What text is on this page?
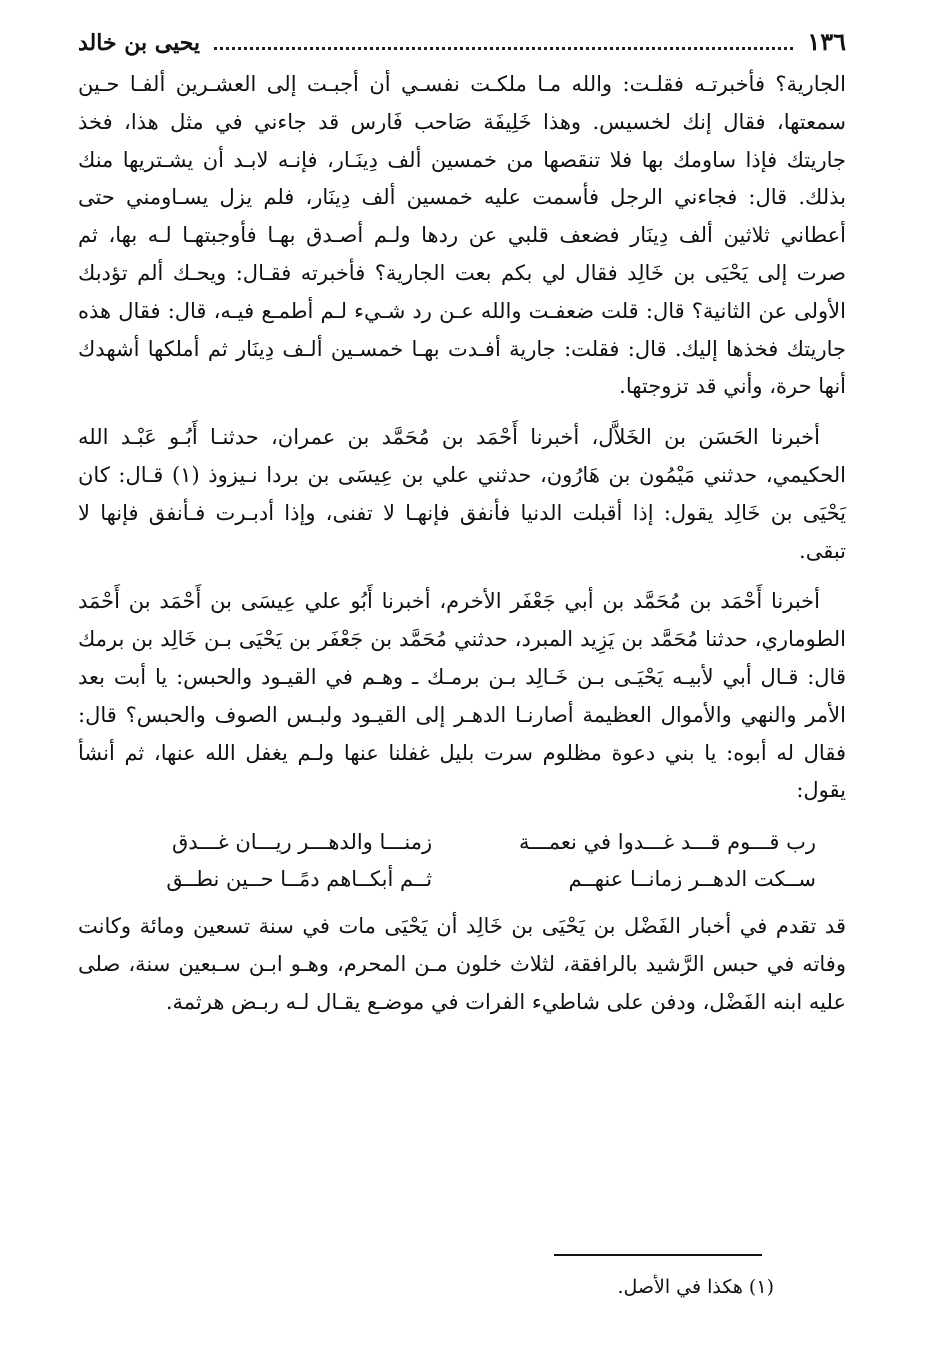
١٣٦
يحيى بن خالد

الجارية؟ فأخبرتـه فقلـت: والله مـا ملكـت نفسـي أن أجبـت إلى العشـرين ألفـا حـين سمعتها، فقال إنك لخسيس. وهذا خَلِيفَة صَاحب فَارس قد جاءني في مثل هذا، فخذ جاريتك فإذا ساومك بها فلا تنقصها من خمسين ألف دِينَـار، فإنـه لابـد أن يشـتريها منك بذلك. قال: فجاءني الرجل فأسمت عليه خمسين ألف دِينَار، فلم يزل يسـاومني حتى أعطاني ثلاثين ألف دِينَار فضعف قلبي عن ردها ولـم أصـدق بهـا فأوجبتهـا لـه بها، ثم صرت إلى يَحْيَى بن خَالِد فقال لي بكم بعت الجارية؟ فأخبرته فقـال: ويحـك ألم تؤدبك الأولى عن الثانية؟ قال: قلت ضعفـت والله عـن رد شـيء لـم أطمـع فيـه، قال: فقال هذه جاريتك فخذها إليك. قال: فقلت: جارية أفـدت بهـا خمسـين ألـف دِينَار ثم أملكها أشهدك أنها حرة، وأني قد تزوجتها.

أخبرنا الحَسَن بن الخَلاَّل، أخبرنا أَحْمَد بن مُحَمَّد بن عمران، حدثنـا أَبُـو عَبْـد الله الحكيمي، حدثني مَيْمُون بن هَارُون، حدثني علي بن عِيسَى بن بردا نـيزوذ (١) قـال: كان يَحْيَى بن خَالِد يقول: إذا أقبلت الدنيا فأنفق فإنهـا لا تفنى، وإذا أدبـرت فـأنفق فإنها لا تبقى.

أخبرنا أَحْمَد بن مُحَمَّد بن أبي جَعْفَر الأخرم، أخبرنا أَبُو علي عِيسَى بن أَحْمَد بن أَحْمَد الطوماري، حدثنا مُحَمَّد بن يَزِيد المبرد، حدثني مُحَمَّد بن جَعْفَر بن يَحْيَى بـن خَالِد بن برمك قال: قـال أبي لأبيـه يَحْيَـى بـن خَـالِد بـن برمـك ـ وهـم في القيـود والحبس: يا أبت بعد الأمر والنهي والأموال العظيمة أصارنـا الدهـر إلى القيـود ولبـس الصوف والحبس؟ قال: فقال له أبوه: يا بني دعوة مظلوم سرت بليل غفلنا عنها ولـم يغفل الله عنها، ثم أنشأ يقول:

رب قـــوم قـــد غـــدوا في نعمـــة
زمنـــا والدهـــر ريـــان غـــدق
ســكت الدهــر زمانــا عنهــم
ثــم أبكــاهم دمًــا حــين نطــق

قد تقدم في أخبار الفَضْل بن يَحْيَى بن خَالِد أن يَحْيَى مات في سنة تسعين ومائة وكانت وفاته في حبس الرَّشيد بالرافقة، لثلاث خلون مـن المحرم، وهـو ابـن سـبعين سنة، صلى عليه ابنه الفَضْل، ودفن على شاطيء الفرات في موضـع يقـال لـه ربـض هرثمة.

(١) هكذا في الأصل.
